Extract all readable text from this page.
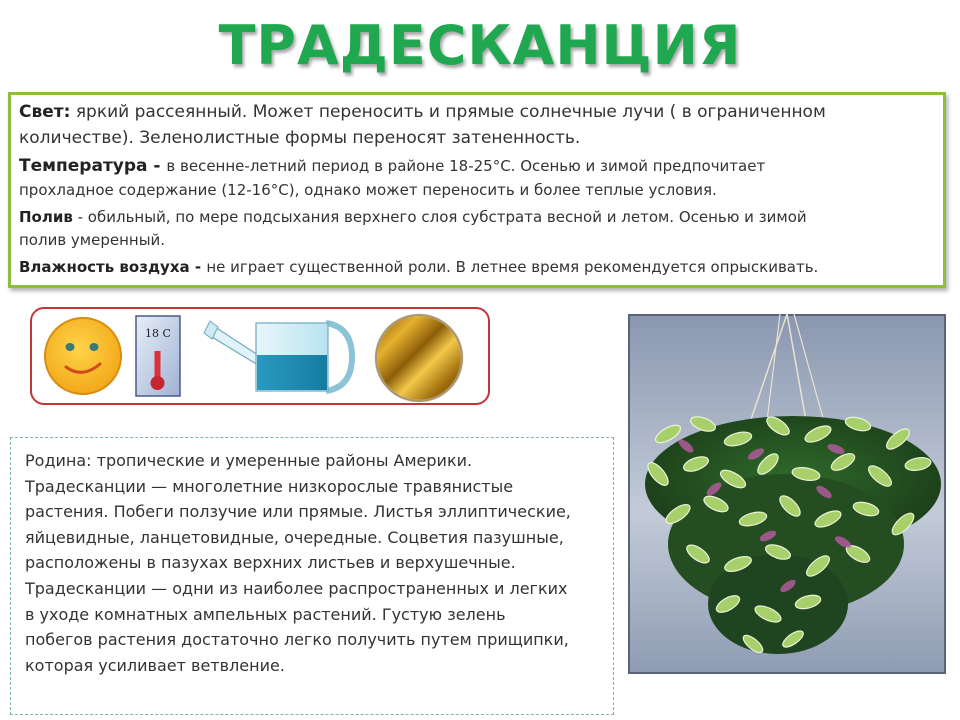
ТРАДЕСКАНЦИЯ

Свет: яркий рассеянный. Может переносить и прямые солнечные лучи ( в ограниченном
количестве). Зеленолистные формы переносят затененность.

Температура - в весенне-летний период в районе 18-25°С. Осенью и зимой предпочитает

прохладное содержание (12-16°С), однако может переносить и более теплые условия.

Полив - обильный, по мере подсыхания верхнего слоя субстрата весной и летом. Осенью и зимой
полив умеренный.

Влажность воздуха - не играет существенной роли. В летнее время рекомендуется опрыскивать.

18 С
Родина: тропические и умеренные районы Америки.
Традесканции — многолетние низкорослые травянистые
растения. Побеги ползучие или прямые. Листья эллиптические,
яйцевидные, ланцетовидные, очередные. Соцветия пазушные,
расположены в пазухах верхних листьев и верхушечные.
Традесканции — одни из наиболее распространенных и легких
в уходе комнатных ампельных растений. Густую зелень
побегов растения достаточно легко получить путем прищипки,
которая усиливает ветвление.
